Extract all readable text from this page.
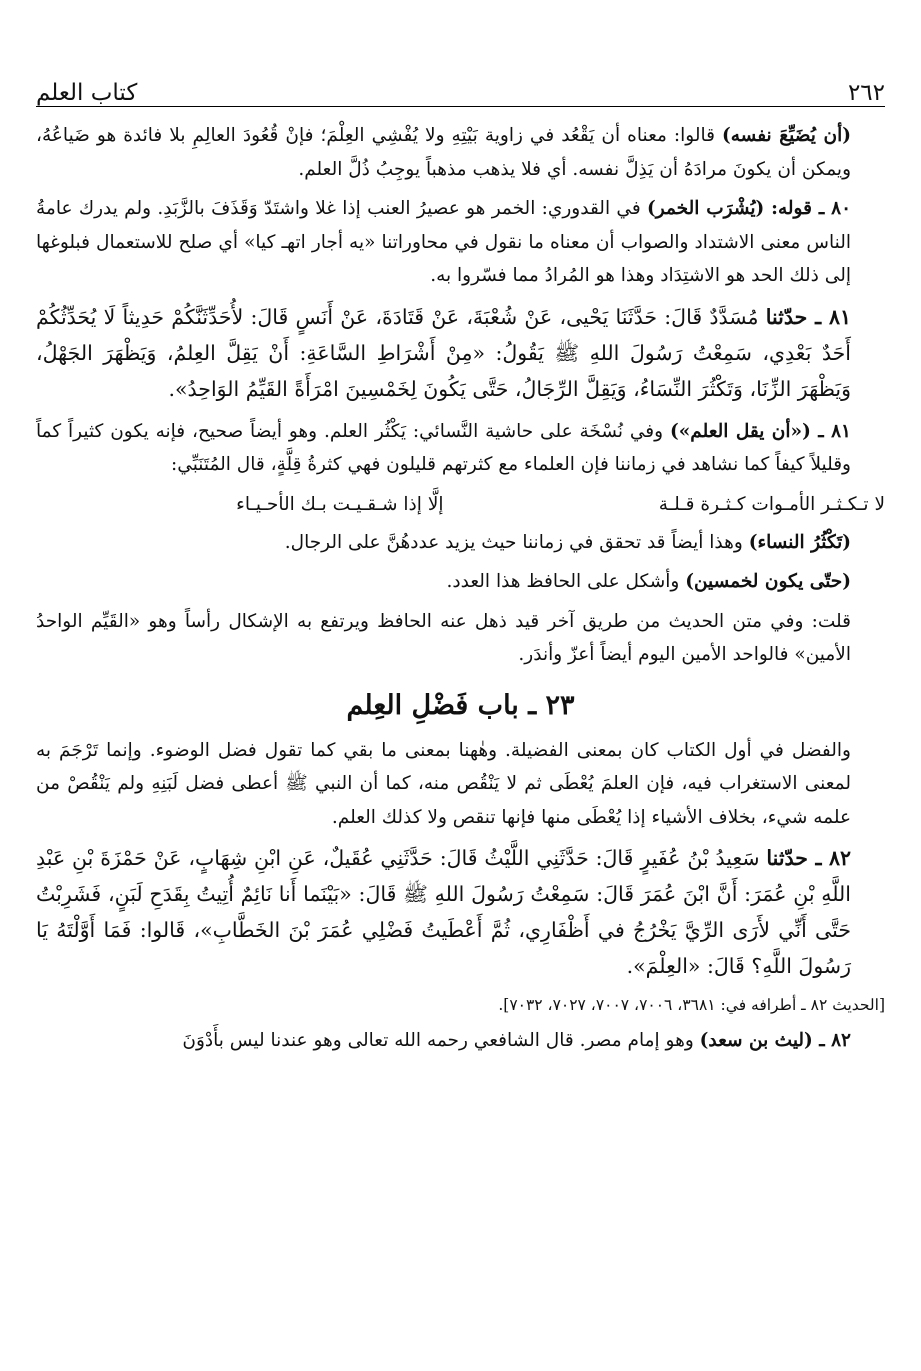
٢٦٢
كتاب العلم

(أن يُضَيِّعَ نفسه) قالوا: معناه أن يَقْعُد في زاوية بَيْتِهِ ولا يُفْشِي العِلْمَ؛ فإنْ قُعُودَ العالِمِ بلا فائدة هو ضَياعُهُ، ويمكن أن يكونَ مرادَهُ أن يَذِلَّ نفسه. أي فلا يذهب مذهباً يوجِبُ ذُلَّ العلم.

٨٠ ـ قوله: (يُشْرَب الخمر) في القدوري: الخمر هو عصيرُ العنب إذا غلا واشتَدّ وَقَذَفَ بالزَّبَدِ. ولم يدرك عامةُ الناس معنى الاشتداد والصواب أن معناه ما نقول في محاوراتنا «يه أجار اتهـ كيا» أي صلح للاستعمال فبلوغها إلى ذلك الحد هو الاشتِدَاد وهذا هو المُرادُ مما فسّروا به.

٨١ ـ حدّثنا مُسَدَّدٌ قَالَ: حَدَّثَنَا يَحْيى، عَنْ شُعْبَةَ، عَنْ قَتَادَةَ، عَنْ أَنَسٍ قَالَ: لأُحَدِّثَنَّكُمْ حَدِيثاً لَا يُحَدِّثُكُمْ أَحَدٌ بَعْدِي، سَمِعْتُ رَسُولَ اللهِ ﷺ يَقُولُ: «مِنْ أَشْرَاطِ السَّاعَةِ: أَنْ يَقِلَّ العِلمُ، وَيَظْهَرَ الجَهْلُ، وَيَظْهَرَ الزِّنَا، وَتَكْثُرَ النِّسَاءُ، وَيَقِلَّ الرِّجَالُ، حَتَّى يَكُونَ لِخَمْسِينَ امْرَأَةً القَيِّمُ الوَاحِدُ».

٨١ ـ («أن يقل العلم») وفي نُسْخَة على حاشية النَّسائي: يَكْثُر العلم. وهو أيضاً صحيح، فإنه يكون كثيراً كماً وقليلاً كيفاً كما نشاهد في زماننا فإن العلماء مع كثرتهم قليلون فهي كثرةُ قِلَّةٍ، قال المُتَنَبِّي:

لا تـكـثـر الأمـوات كـثـرة قـلـة
إلَّا إذا شـقـيـت بـك الأحـيـاء

(تَكْثُرُ النساء) وهذا أيضاً قد تحقق في زماننا حيث يزيد عددهُنَّ على الرجال.

(حتّى يكون لخمسين) وأشكل على الحافظ هذا العدد.

قلت: وفي متن الحديث من طريق آخر قيد ذهل عنه الحافظ ويرتفع به الإشكال رأساً وهو «القَيِّم الواحدُ الأمين» فالواحد الأمين اليوم أيضاً أعزّ وأندَر.

٢٣ ـ باب فَضْلِ العِلم

والفضل في أول الكتاب كان بمعنى الفضيلة. وهٰهنا بمعنى ما بقي كما تقول فضل الوضوء. وإنما تَرْجَمَ به لمعنى الاستغراب فيه، فإن العلمَ يُعْطَى ثم لا يَنْقُص منه، كما أن النبي ﷺ أعطى فضل لَبَنِهِ ولم يَنْقُصْ من علمه شيء، بخلاف الأشياء إذا يُعْطَى منها فإنها تنقص ولا كذلك العلم.

٨٢ ـ حدّثنا سَعِيدُ بْنُ عُفَيرٍ قَالَ: حَدَّثَنِي اللَّيْثُ قَالَ: حَدَّثَنِي عُقَيلٌ، عَنِ ابْنِ شِهَابٍ، عَنْ حَمْزَةَ بْنِ عَبْدِ اللَّهِ بْنِ عُمَرَ: أَنَّ ابْنَ عُمَرَ قَالَ: سَمِعْتُ رَسُولَ اللهِ ﷺ قَالَ: «بَيْنَما أَنا نَائِمٌ أُتِيتُ بِقَدَحِ لَبَنٍ، فَشَرِبْتُ حَتَّى أَنِّي لأَرَى الرِّيَّ يَخْرُجُ في أَظْفَارِي، ثُمَّ أَعْطَيتُ فَضْلِي عُمَرَ بْنَ الخَطَّابِ»، قَالوا: فَمَا أَوَّلْتَهُ يَا رَسُولَ اللَّهِ؟ قَالَ: «العِلْمَ».

[الحديث ٨٢ ـ أطرافه في: ٣٦٨١، ٧٠٠٦، ٧٠٠٧، ٧٠٢٧، ٧٠٣٢].

٨٢ ـ (ليث بن سعد) وهو إمام مصر. قال الشافعي رحمه الله تعالى وهو عندنا ليس بأَدْوَنَ
